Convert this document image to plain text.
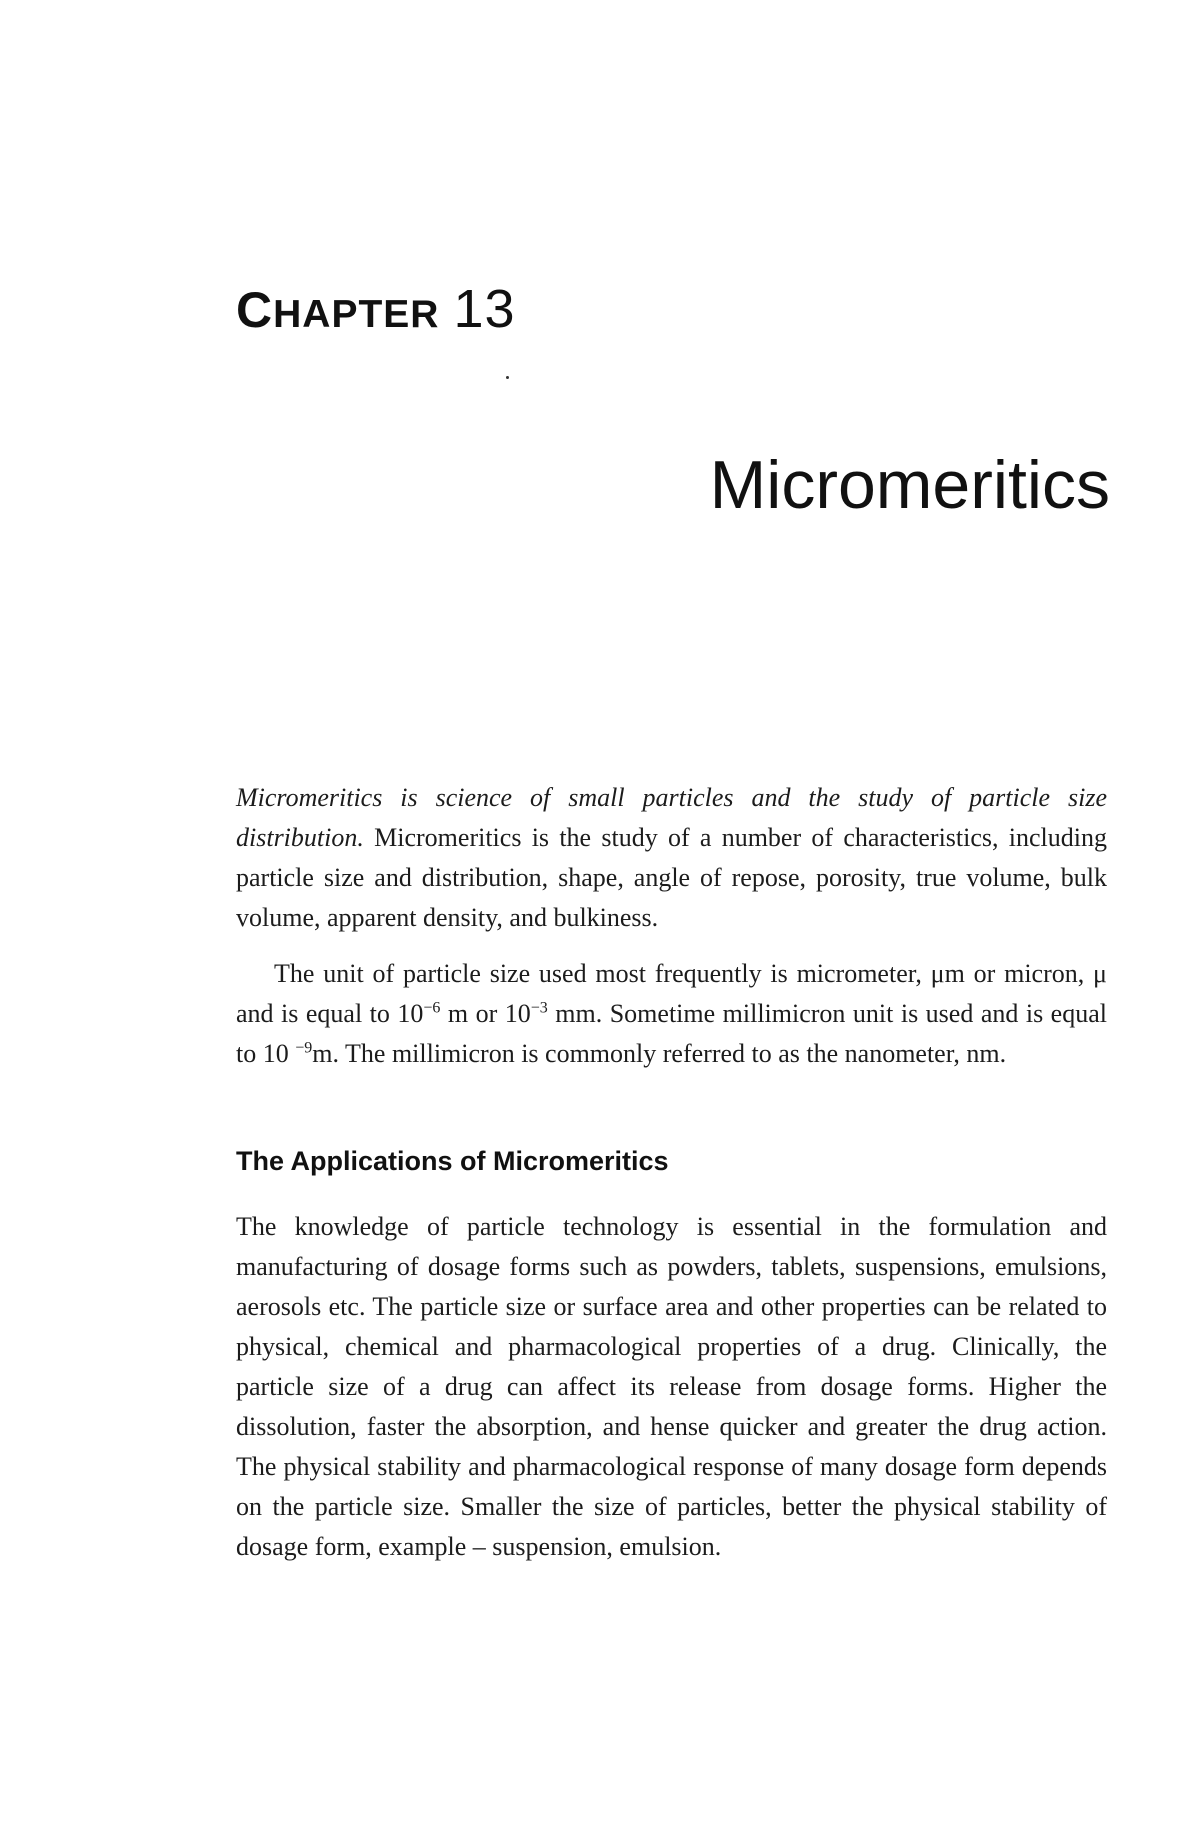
CHAPTER 13
Micromeritics

Micromeritics is science of small particles and the study of particle size distribution. Micromeritics is the study of a number of characteristics, including particle size and distribution, shape, angle of repose, porosity, true volume, bulk volume, apparent density, and bulkiness.

The unit of particle size used most frequently is micrometer, μm or micron, μ and is equal to $10^{-6}$ m or $10^{-3}$ mm. Sometime millimicron unit is used and is equal to 10 $^{-9}$m. The millimicron is commonly referred to as the nanometer, nm.

The Applications of Micromeritics

The knowledge of particle technology is essential in the formulation and manufacturing of dosage forms such as powders, tablets, suspensions, emulsions, aerosols etc. The particle size or surface area and other properties can be related to physical, chemical and pharmacological properties of a drug. Clinically, the particle size of a drug can affect its release from dosage forms. Higher the dissolution, faster the absorption, and hense quicker and greater the drug action. The physical stability and pharmacological response of many dosage form depends on the particle size. Smaller the size of particles, better the physical stability of dosage form, example – suspension, emulsion.
